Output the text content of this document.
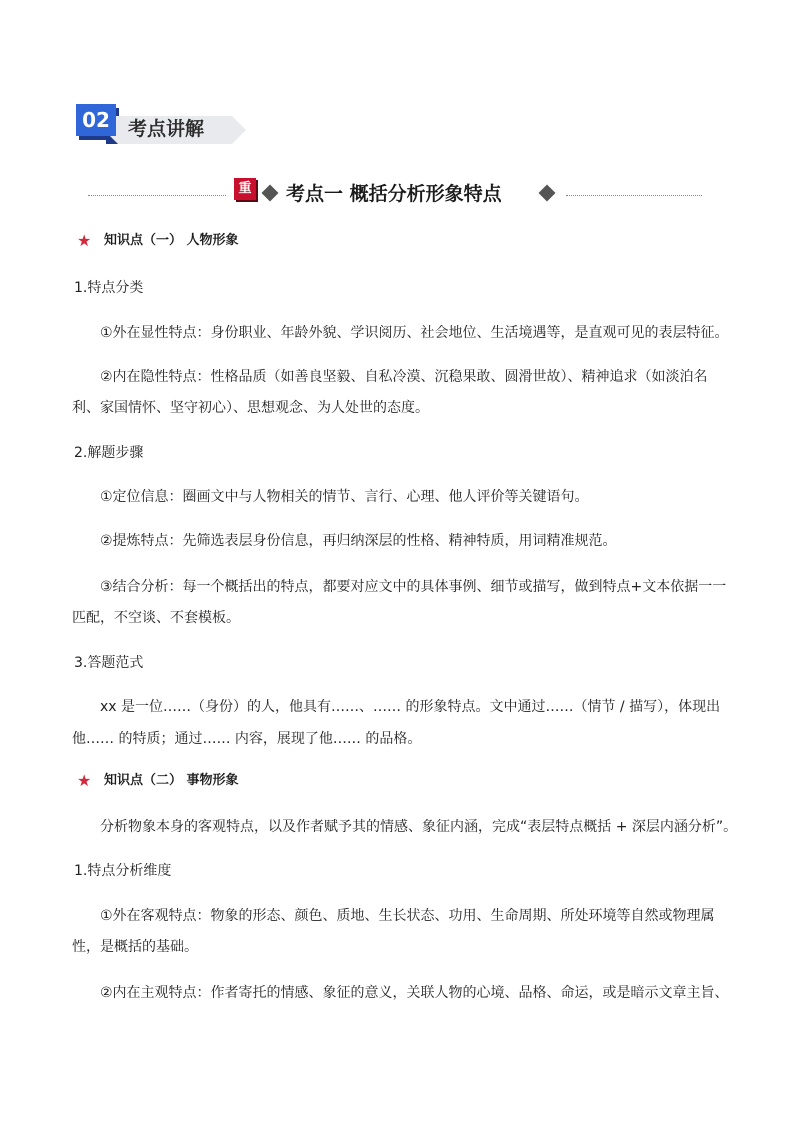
02 考点讲解
重 考点一 概括分析形象特点
★ 知识点（一） 人物形象
1.特点分类
①外在显性特点：身份职业、年龄外貌、学识阅历、社会地位、生活境遇等，是直观可见的表层特征。
②内在隐性特点：性格品质（如善良坚毅、自私冷漠、沉稳果敢、圆滑世故）、精神追求（如淡泊名
利、家国情怀、坚守初心）、思想观念、为人处世的态度。
2.解题步骤
①定位信息：圈画文中与人物相关的情节、言行、心理、他人评价等关键语句。
②提炼特点：先筛选表层身份信息，再归纳深层的性格、精神特质，用词精准规范。
③结合分析：每一个概括出的特点，都要对应文中的具体事例、细节或描写，做到特点+文本依据一一
匹配，不空谈、不套模板。
3.答题范式
xx 是一位……（身份）的人，他具有……、…… 的形象特点。文中通过……（情节 / 描写），体现出
他…… 的特质；通过…… 内容，展现了他…… 的品格。
★ 知识点（二） 事物形象
分析物象本身的客观特点，以及作者赋予其的情感、象征内涵，完成“表层特点概括 + 深层内涵分析”。
1.特点分析维度
①外在客观特点：物象的形态、颜色、质地、生长状态、功用、生命周期、所处环境等自然或物理属
性，是概括的基础。
②内在主观特点：作者寄托的情感、象征的意义，关联人物的心境、品格、命运，或是暗示文章主旨、
